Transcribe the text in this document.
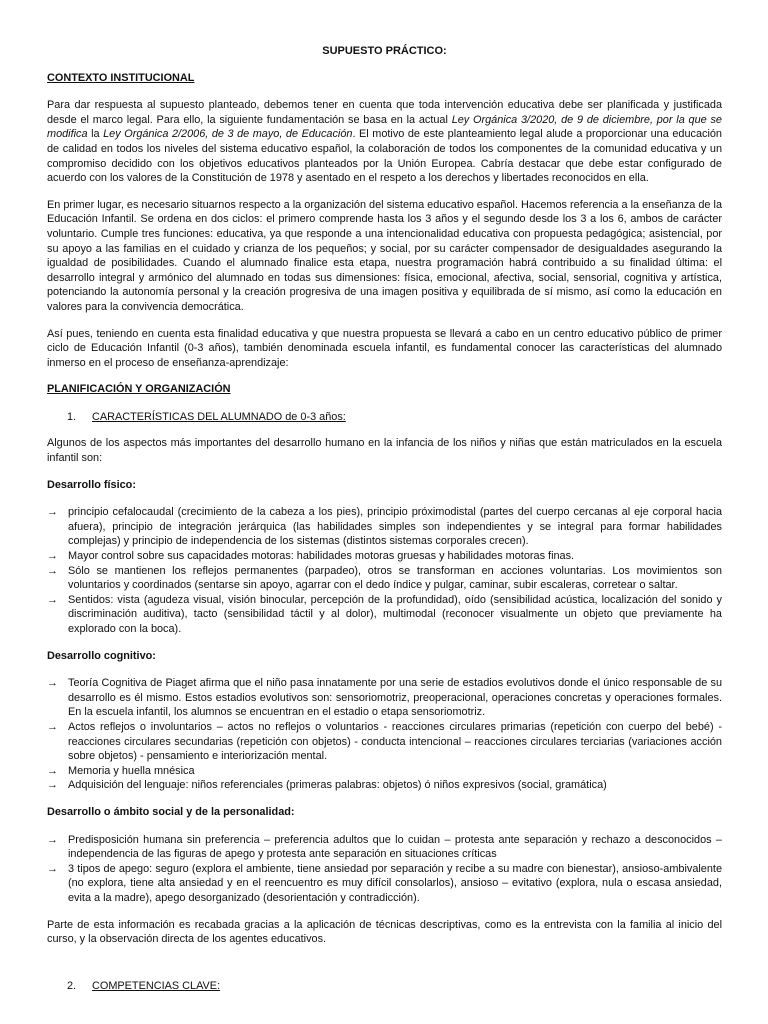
SUPUESTO PRÁCTICO:
CONTEXTO INSTITUCIONAL

Para dar respuesta al supuesto planteado, debemos tener en cuenta que toda intervención educativa debe ser planificada y justificada desde el marco legal. Para ello, la siguiente fundamentación se basa en la actual Ley Orgánica 3/2020, de 9 de diciembre, por la que se modifica la Ley Orgánica 2/2006, de 3 de mayo, de Educación. El motivo de este planteamiento legal alude a proporcionar una educación de calidad en todos los niveles del sistema educativo español, la colaboración de todos los componentes de la comunidad educativa y un compromiso decidido con los objetivos educativos planteados por la Unión Europea. Cabría destacar que debe estar configurado de acuerdo con los valores de la Constitución de 1978 y asentado en el respeto a los derechos y libertades reconocidos en ella.

En primer lugar, es necesario situarnos respecto a la organización del sistema educativo español. Hacemos referencia a la enseñanza de la Educación Infantil. Se ordena en dos ciclos: el primero comprende hasta los 3 años y el segundo desde los 3 a los 6, ambos de carácter voluntario. Cumple tres funciones: educativa, ya que responde a una intencionalidad educativa con propuesta pedagógica; asistencial, por su apoyo a las familias en el cuidado y crianza de los pequeños; y social, por su carácter compensador de desigualdades asegurando la igualdad de posibilidades. Cuando el alumnado finalice esta etapa, nuestra programación habrá contribuido a su finalidad última: el desarrollo integral y armónico del alumnado en todas sus dimensiones: física, emocional, afectiva, social, sensorial, cognitiva y artística, potenciando la autonomía personal y la creación progresiva de una imagen positiva y equilibrada de sí mismo, así como la educación en valores para la convivencia democrática.

Así pues, teniendo en cuenta esta finalidad educativa y que nuestra propuesta se llevará a cabo en un centro educativo público de primer ciclo de Educación Infantil (0-3 años), también denominada escuela infantil, es fundamental conocer las características del alumnado inmerso en el proceso de enseñanza-aprendizaje:

PLANIFICACIÓN Y ORGANIZACIÓN
1.	CARACTERÍSTICAS DEL ALUMNADO de 0-3 años:

Algunos de los aspectos más importantes del desarrollo humano en la infancia de los niños y niñas que están matriculados en la escuela infantil son:

Desarrollo físico:
→ principio cefalocaudal (crecimiento de la cabeza a los pies), principio próximodistal (partes del cuerpo cercanas al eje corporal hacia afuera), principio de integración jerárquica (las habilidades simples son independientes y se integral para formar habilidades complejas) y principio de independencia de los sistemas (distintos sistemas corporales crecen).
→ Mayor control sobre sus capacidades motoras: habilidades motoras gruesas y habilidades motoras finas.
→ Sólo se mantienen los reflejos permanentes (parpadeo), otros se transforman en acciones voluntarias. Los movimientos son voluntarios y coordinados (sentarse sin apoyo, agarrar con el dedo índice y pulgar, caminar, subir escaleras, corretear o saltar.
→ Sentidos: vista (agudeza visual, visión binocular, percepción de la profundidad), oído (sensibilidad acústica, localización del sonido y discriminación auditiva), tacto (sensibilidad táctil y al dolor), multimodal (reconocer visualmente un objeto que previamente ha explorado con la boca).
Desarrollo cognitivo:
→ Teoría Cognitiva de Piaget afirma que el niño pasa innatamente por una serie de estadios evolutivos donde el único responsable de su desarrollo es él mismo. Estos estadios evolutivos son: sensoriomotriz, preoperacional, operaciones concretas y operaciones formales. En la escuela infantil, los alumnos se encuentran en el estadio o etapa sensoriomotriz.
→ Actos reflejos o involuntarios – actos no reflejos o voluntarios - reacciones circulares primarias (repetición con cuerpo del bebé) - reacciones circulares secundarias (repetición con objetos) - conducta intencional – reacciones circulares terciarias (variaciones acción sobre objetos) - pensamiento e interiorización mental.
→ Memoria y huella mnésica
→ Adquisición del lenguaje: niños referenciales (primeras palabras: objetos) ó niños expresivos (social, gramática)
Desarrollo o ámbito social y de la personalidad:
→ Predisposición humana sin preferencia – preferencia adultos que lo cuidan – protesta ante separación y rechazo a desconocidos – independencia de las figuras de apego y protesta ante separación en situaciones críticas
→ 3 tipos de apego: seguro (explora el ambiente, tiene ansiedad por separación y recibe a su madre con bienestar), ansioso-ambivalente (no explora, tiene alta ansiedad y en el reencuentro es muy difícil consolarlos), ansioso – evitativo (explora, nula o escasa ansiedad, evita a la madre), apego desorganizado (desorientación y contradicción).

Parte de esta información es recabada gracias a la aplicación de técnicas descriptivas, como es la entrevista con la familia al inicio del curso, y la observación directa de los agentes educativos.

2.	COMPETENCIAS CLAVE:
